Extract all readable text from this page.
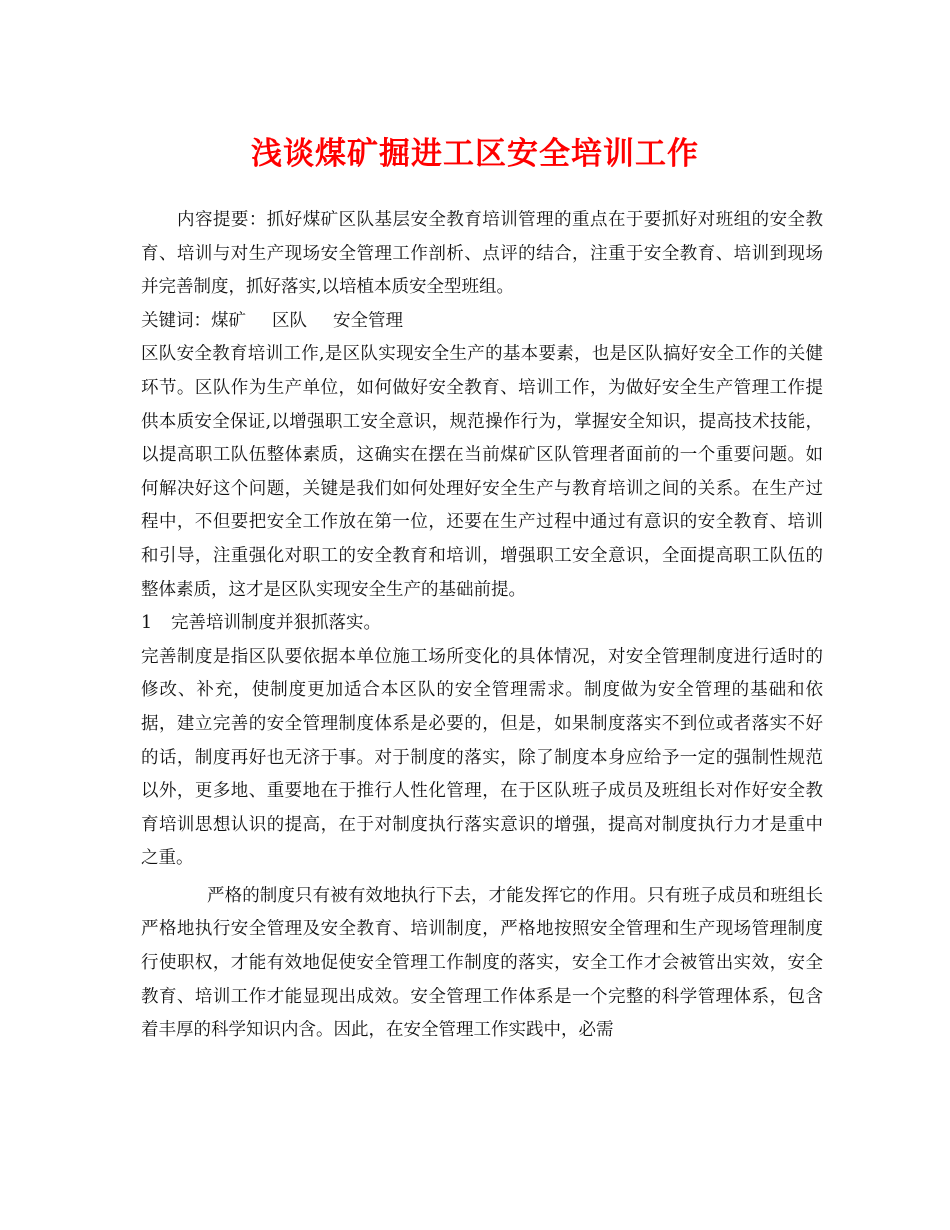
浅谈煤矿掘进工区安全培训工作

内容提要：抓好煤矿区队基层安全教育培训管理的重点在于要抓好对班组的安全教育、培训与对生产现场安全管理工作剖析、点评的结合，注重于安全教育、培训到现场并完善制度，抓好落实,以培植本质安全型班组。

关键词：煤矿 区队 安全管理

区队安全教育培训工作,是区队实现安全生产的基本要素，也是区队搞好安全工作的关健环节。区队作为生产单位，如何做好安全教育、培训工作，为做好安全生产管理工作提供本质安全保证,以增强职工安全意识，规范操作行为，掌握安全知识，提高技术技能，以提高职工队伍整体素质，这确实在摆在当前煤矿区队管理者面前的一个重要问题。如何解决好这个问题，关键是我们如何处理好安全生产与教育培训之间的关系。在生产过程中，不但要把安全工作放在第一位，还要在生产过程中通过有意识的安全教育、培训和引导，注重强化对职工的安全教育和培训，增强职工安全意识，全面提高职工队伍的整体素质，这才是区队实现安全生产的基础前提。

1 完善培训制度并狠抓落实。

完善制度是指区队要依据本单位施工场所变化的具体情况，对安全管理制度进行适时的修改、补充，使制度更加适合本区队的安全管理需求。制度做为安全管理的基础和依据，建立完善的安全管理制度体系是必要的，但是，如果制度落实不到位或者落实不好的话，制度再好也无济于事。对于制度的落实，除了制度本身应给予一定的强制性规范以外，更多地、重要地在于推行人性化管理，在于区队班子成员及班组长对作好安全教育培训思想认识的提高，在于对制度执行落实意识的增强，提高对制度执行力才是重中之重。

严格的制度只有被有效地执行下去，才能发挥它的作用。只有班子成员和班组长严格地执行安全管理及安全教育、培训制度，严格地按照安全管理和生产现场管理制度行使职权，才能有效地促使安全管理工作制度的落实，安全工作才会被管出实效，安全教育、培训工作才能显现出成效。安全管理工作体系是一个完整的科学管理体系，包含着丰厚的科学知识内含。因此，在安全管理工作实践中，必需
